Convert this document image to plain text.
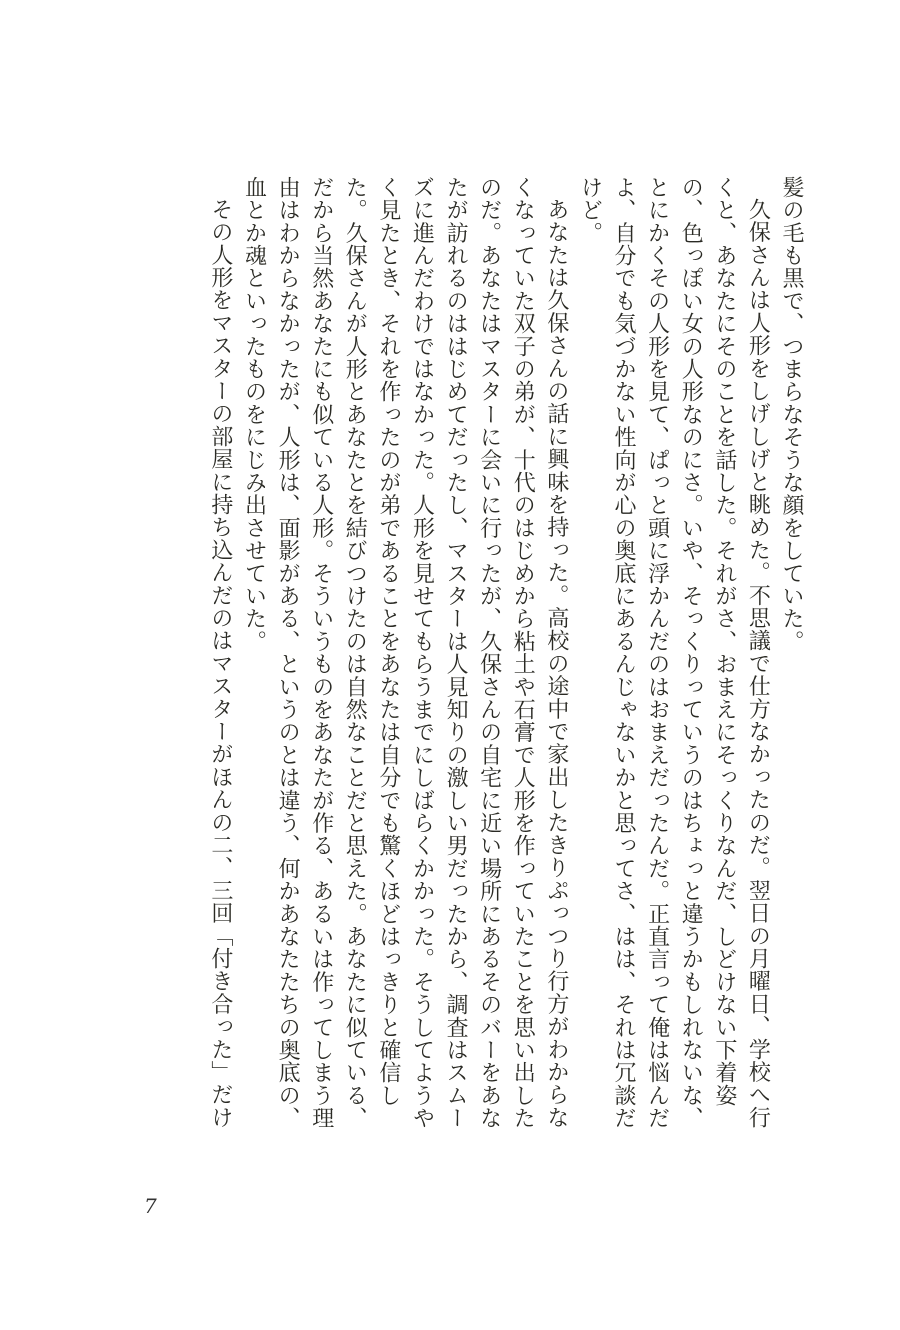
髪の毛も黒で、つまらなそうな顔をしていた。

久保さんは人形をしげしげと眺めた。不思議で仕方なかったのだ。翌日の月曜日、学校へ行くと、あなたにそのことを話した。それがさ、おまえにそっくりなんだ、しどけない下着姿の、色っぽい女の人形なのにさ。いや、そっくりっていうのはちょっと違うかもしれないな、とにかくその人形を見て、ぱっと頭に浮かんだのはおまえだったんだ。正直言って俺は悩んだよ、自分でも気づかない性向が心の奥底にあるんじゃないかと思ってさ、はは、それは冗談だけど。

あなたは久保さんの話に興味を持った。高校の途中で家出したきりぷっつり行方がわからなくなっていた双子の弟が、十代のはじめから粘土や石膏で人形を作っていたことを思い出したのだ。あなたはマスターに会いに行ったが、久保さんの自宅に近い場所にあるそのバーをあなたが訪れるのははじめてだったし、マスターは人見知りの激しい男だったから、調査はスムーズに進んだわけではなかった。人形を見せてもらうまでにしばらくかかった。そうしてようやく見たとき、それを作ったのが弟であることをあなたは自分でも驚くほどはっきりと確信した。久保さんが人形とあなたとを結びつけたのは自然なことだと思えた。あなたに似ている、だから当然あなたにも似ている人形。そういうものをあなたが作る、あるいは作ってしまう理由はわからなかったが、人形は、面影がある、というのとは違う、何かあなたたちの奥底の、血とか魂といったものをにじみ出させていた。

その人形をマスターの部屋に持ち込んだのはマスターがほんの二、三回「付き合った」だけ

7
